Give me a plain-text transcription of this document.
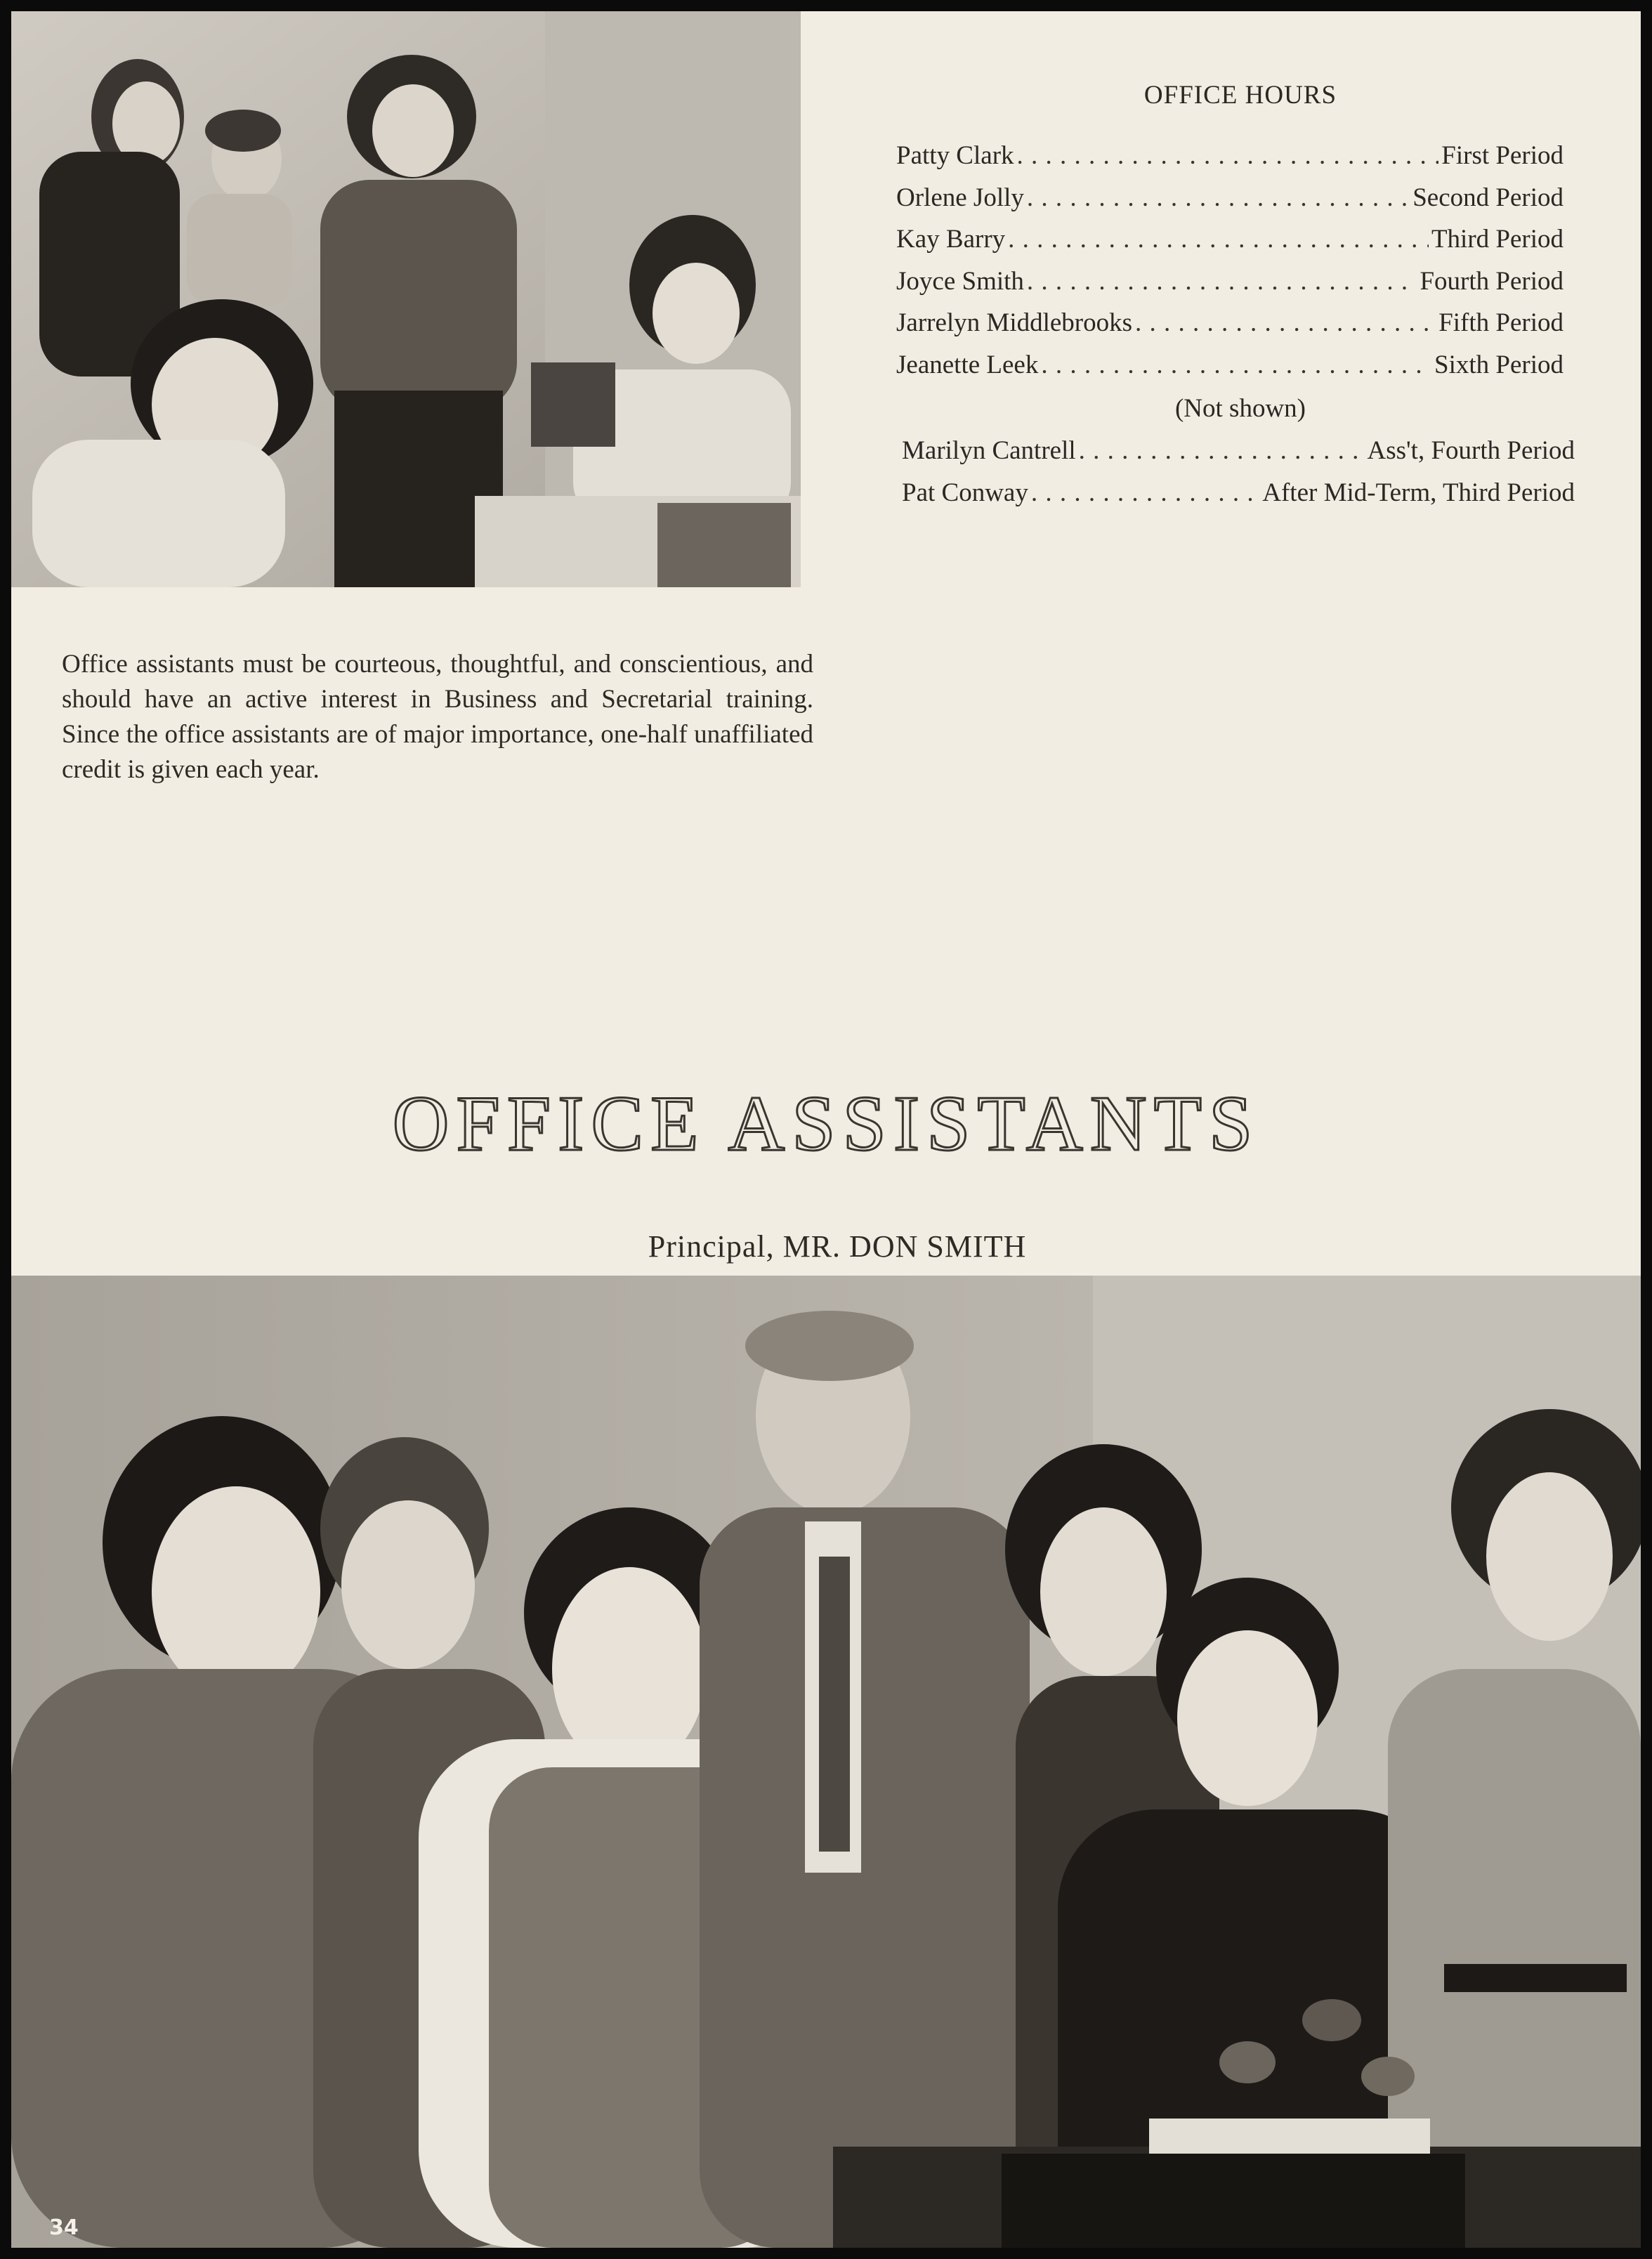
Office assistants must be courteous, thoughtful, and conscientious, and should have an active interest in Business and Secretarial training. Since the office assistants are of major importance, one-half unaffiliated credit is given each year.

OFFICE HOURS
Patty Clark . . .	First Period
Orlene Jolly . . .	Second Period
Kay Barry . . .	Third Period
Joyce Smith . . .	Fourth Period
Jarrelyn Middlebrooks . . .	Fifth Period
Jeanette Leek . . .	Sixth Period
(Not shown)
Marilyn Cantrell . . .	Ass't, Fourth Period
Pat Conway . . .	After Mid-Term, Third Period
OFFICE ASSISTANTS
Principal, MR. DON SMITH
34
